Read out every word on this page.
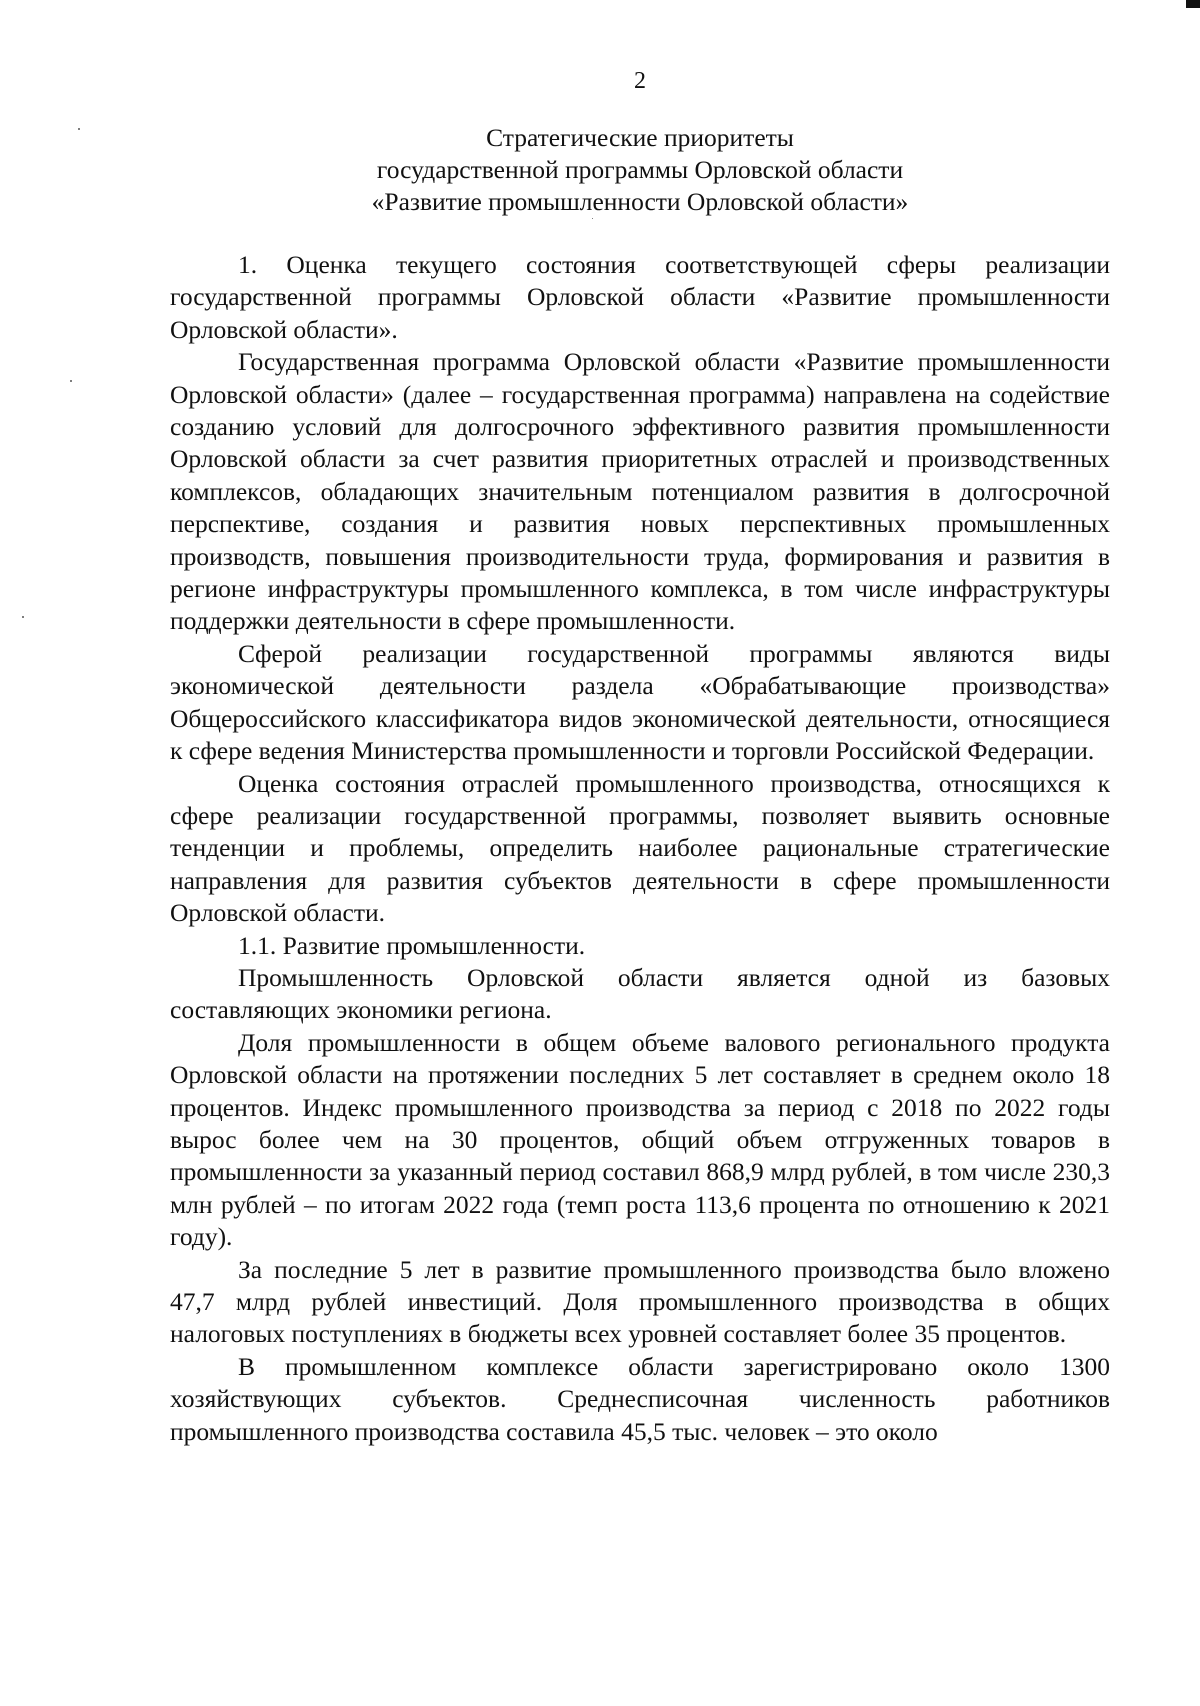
2
Стратегические приоритеты
государственной программы Орловской области
«Развитие промышленности Орловской области»

1. Оценка текущего состояния соответствующей сферы реализации государственной программы Орловской области «Развитие промышленности Орловской области».

Государственная программа Орловской области «Развитие промышленности Орловской области» (далее – государственная программа) направлена на содействие созданию условий для долгосрочного эффективного развития промышленности Орловской области за счет развития приоритетных отраслей и производственных комплексов, обладающих значительным потенциалом развития в долгосрочной перспективе, создания и развития новых перспективных промышленных производств, повышения производительности труда, формирования и развития в регионе инфраструктуры промышленного комплекса, в том числе инфраструктуры поддержки деятельности в сфере промышленности.

Сферой реализации государственной программы являются виды экономической деятельности раздела «Обрабатывающие производства» Общероссийского классификатора видов экономической деятельности, относящиеся к сфере ведения Министерства промышленности и торговли Российской Федерации.

Оценка состояния отраслей промышленного производства, относящихся к сфере реализации государственной программы, позволяет выявить основные тенденции и проблемы, определить наиболее рациональные стратегические направления для развития субъектов деятельности в сфере промышленности Орловской области.

1.1. Развитие промышленности.

Промышленность Орловской области является одной из базовых составляющих экономики региона.

Доля промышленности в общем объеме валового регионального продукта Орловской области на протяжении последних 5 лет составляет в среднем около 18 процентов. Индекс промышленного производства за период с 2018 по 2022 годы вырос более чем на 30 процентов, общий объем отгруженных товаров в промышленности за указанный период составил 868,9 млрд рублей, в том числе 230,3 млн рублей – по итогам 2022 года (темп роста 113,6 процента по отношению к 2021 году).

За последние 5 лет в развитие промышленного производства было вложено 47,7 млрд рублей инвестиций. Доля промышленного производства в общих налоговых поступлениях в бюджеты всех уровней составляет более 35 процентов.

В промышленном комплексе области зарегистрировано около 1300 хозяйствующих субъектов. Среднесписочная численность работников промышленного производства составила 45,5 тыс. человек – это около
